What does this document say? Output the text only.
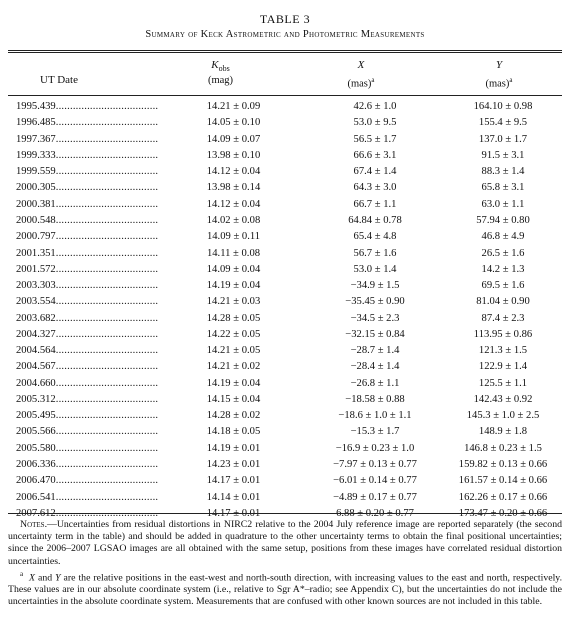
TABLE 3
Summary of Keck Astrometric and Photometric Measurements
UT Date
$K_{obs}$
(mag)
X
(mas)$^a$
Y
(mas)$^a$
1995.439....................................	14.21 ± 0.09	42.6 ± 1.0	164.10 ± 0.98
1996.485....................................	14.05 ± 0.10	53.0 ± 9.5	155.4 ± 9.5
1997.367....................................	14.09 ± 0.07	56.5 ± 1.7	137.0 ± 1.7
1999.333....................................	13.98 ± 0.10	66.6 ± 3.1	91.5 ± 3.1
1999.559....................................	14.12 ± 0.04	67.4 ± 1.4	88.3 ± 1.4
2000.305....................................	13.98 ± 0.14	64.3 ± 3.0	65.8 ± 3.1
2000.381....................................	14.12 ± 0.04	66.7 ± 1.1	63.0 ± 1.1
2000.548....................................	14.02 ± 0.08	64.84 ± 0.78	57.94 ± 0.80
2000.797....................................	14.09 ± 0.11	65.4 ± 4.8	46.8 ± 4.9
2001.351....................................	14.11 ± 0.08	56.7 ± 1.6	26.5 ± 1.6
2001.572....................................	14.09 ± 0.04	53.0 ± 1.4	14.2 ± 1.3
2003.303....................................	14.19 ± 0.04	−34.9 ± 1.5	69.5 ± 1.6
2003.554....................................	14.21 ± 0.03	−35.45 ± 0.90	81.04 ± 0.90
2003.682....................................	14.28 ± 0.05	−34.5 ± 2.3	87.4 ± 2.3
2004.327....................................	14.22 ± 0.05	−32.15 ± 0.84	113.95 ± 0.86
2004.564....................................	14.21 ± 0.05	−28.7 ± 1.4	121.3 ± 1.5
2004.567....................................	14.21 ± 0.02	−28.4 ± 1.4	122.9 ± 1.4
2004.660....................................	14.19 ± 0.04	−26.8 ± 1.1	125.5 ± 1.1
2005.312....................................	14.15 ± 0.04	−18.58 ± 0.88	142.43 ± 0.92
2005.495....................................	14.28 ± 0.02	−18.6 ± 1.0 ± 1.1	145.3 ± 1.0 ± 2.5
2005.566....................................	14.18 ± 0.05	−15.3 ± 1.7	148.9 ± 1.8
2005.580....................................	14.19 ± 0.01	−16.9 ± 0.23 ± 1.0	146.8 ± 0.23 ± 1.5
2006.336....................................	14.23 ± 0.01	−7.97 ± 0.13 ± 0.77	159.82 ± 0.13 ± 0.66
2006.470....................................	14.17 ± 0.01	−6.01 ± 0.14 ± 0.77	161.57 ± 0.14 ± 0.66
2006.541....................................	14.14 ± 0.01	−4.89 ± 0.17 ± 0.77	162.26 ± 0.17 ± 0.66
2007.612....................................	14.17 ± 0.01	6.88 ± 0.20 ± 0.77	173.47 ± 0.20 ± 0.66

Notes.—Uncertainties from residual distortions in NIRC2 relative to the 2004 July reference image are reported separately (the second uncertainty term in the table) and should be added in quadrature to the other uncertainty terms to obtain the final positional uncertainties; since the 2006–2007 LGSAO images are all obtained with the same setup, positions from these images have correlated residual distortion uncertainties.

$^a$ X and Y are the relative positions in the east-west and north-south direction, with increasing values to the east and north, respectively. These values are in our absolute coordinate system (i.e., relative to Sgr A*–radio; see Appendix C), but the uncertainties do not include the uncertainties in the absolute coordinate system. Measurements that are confused with other known sources are not included in this table.
